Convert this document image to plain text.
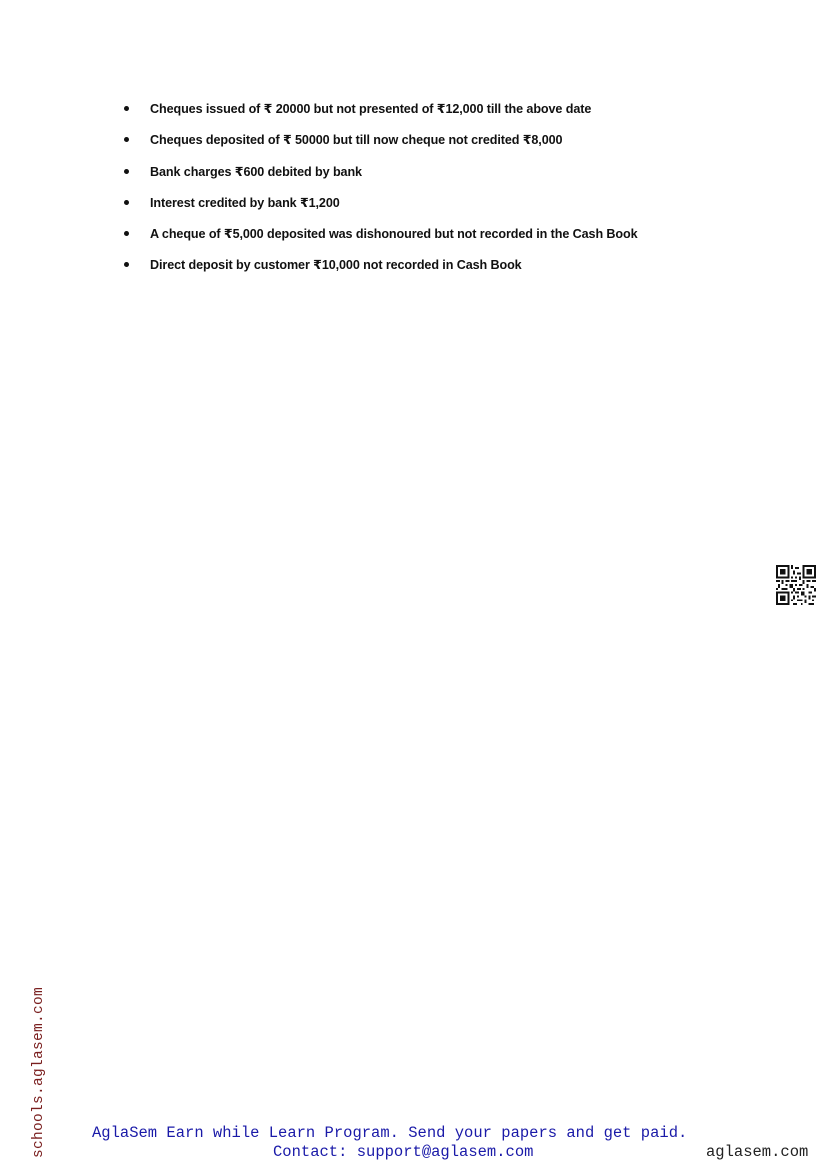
Cheques issued of ₹ 20000 but not presented of ₹12,000 till the above date
Cheques deposited of ₹ 50000 but till now cheque not credited ₹8,000
Bank charges ₹600 debited by bank
Interest credited by bank ₹1,200
A cheque of ₹5,000 deposited was dishonoured but not recorded in the Cash Book
Direct deposit by customer ₹10,000 not recorded in Cash Book
schools.aglasem.com	AglaSem Earn while Learn Program. Send your papers and get paid.
Contact: support@aglasem.com	aglasem.com
